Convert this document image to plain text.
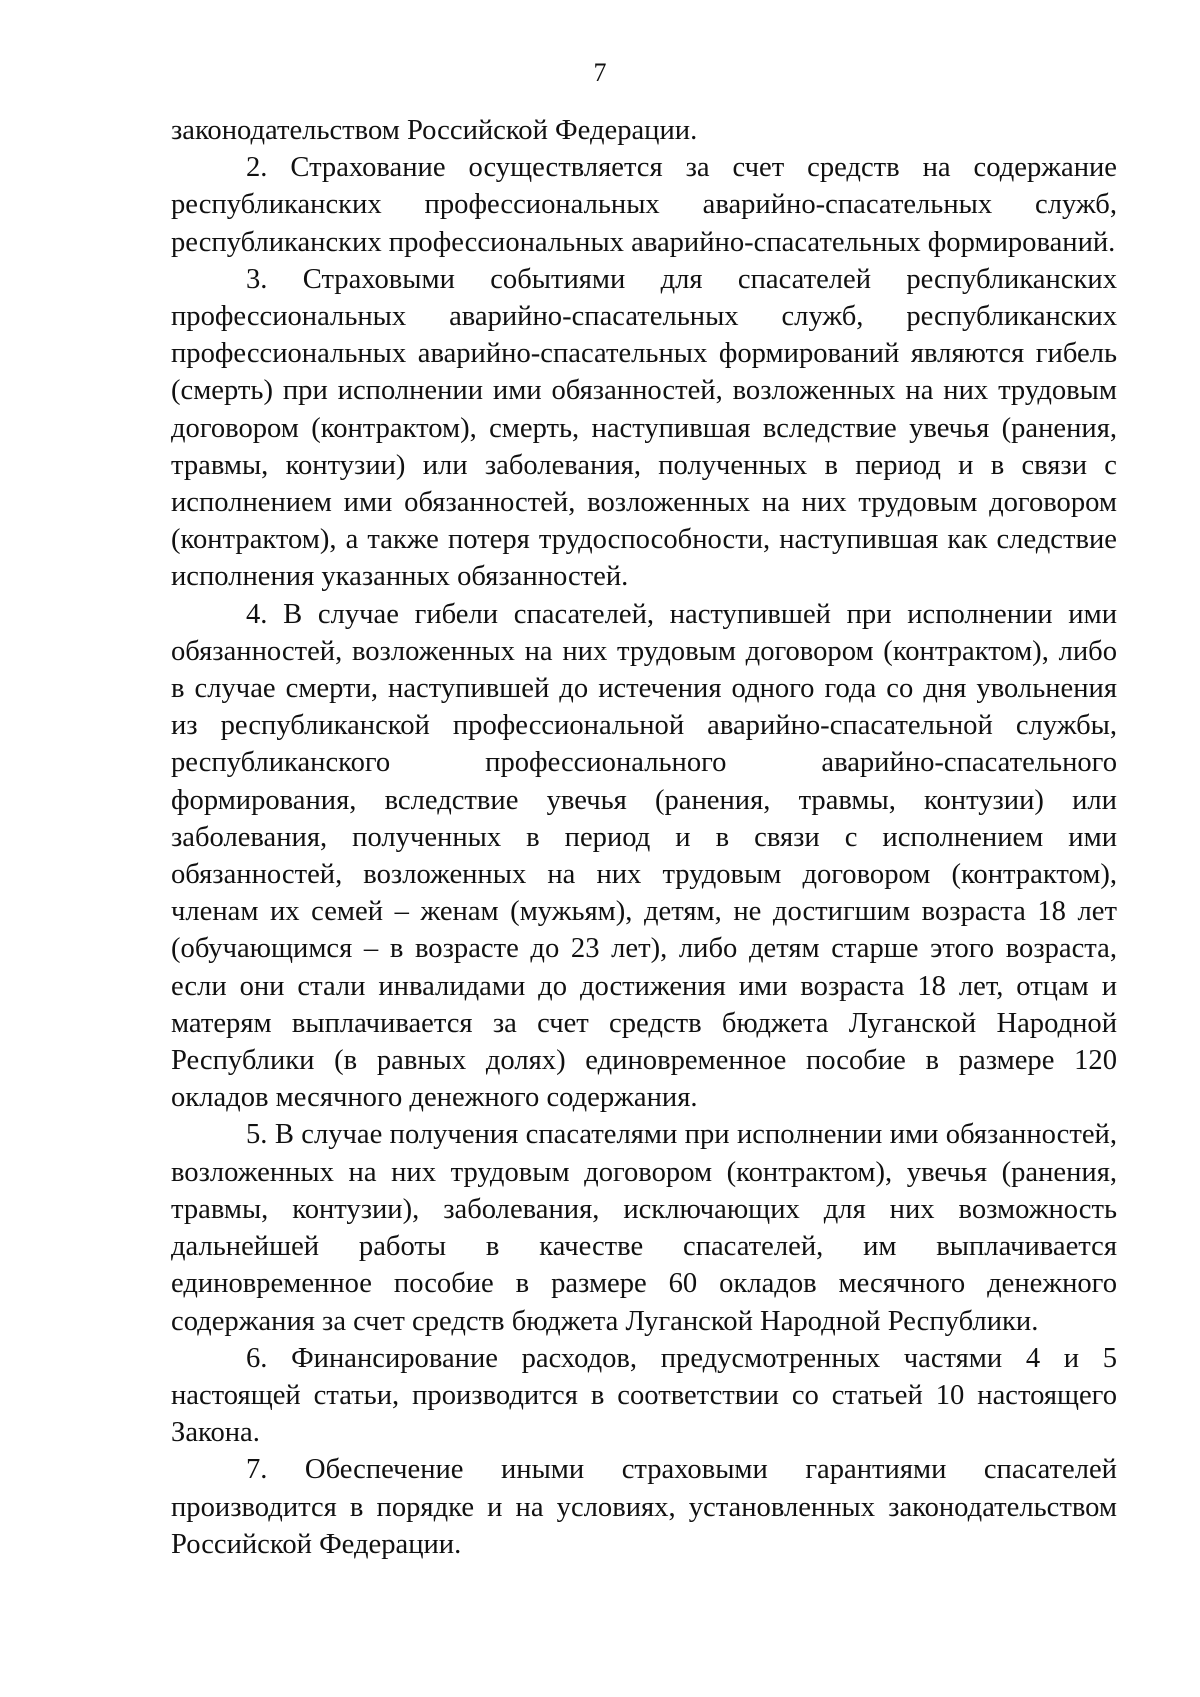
7

законодательством Российской Федерации.

2. Страхование осуществляется за счет средств на содержание республиканских профессиональных аварийно-спасательных служб, республиканских профессиональных аварийно-спасательных формирований.

3. Страховыми событиями для спасателей республиканских профессиональных аварийно-спасательных служб, республиканских профессиональных аварийно-спасательных формирований являются гибель (смерть) при исполнении ими обязанностей, возложенных на них трудовым договором (контрактом), смерть, наступившая вследствие увечья (ранения, травмы, контузии) или заболевания, полученных в период и в связи с исполнением ими обязанностей, возложенных на них трудовым договором (контрактом), а также потеря трудоспособности, наступившая как следствие исполнения указанных обязанностей.

4. В случае гибели спасателей, наступившей при исполнении ими обязанностей, возложенных на них трудовым договором (контрактом), либо в случае смерти, наступившей до истечения одного года со дня увольнения из республиканской профессиональной аварийно-спасательной службы, республиканского профессионального аварийно-спасательного формирования, вследствие увечья (ранения, травмы, контузии) или заболевания, полученных в период и в связи с исполнением ими обязанностей, возложенных на них трудовым договором (контрактом), членам их семей – женам (мужьям), детям, не достигшим возраста 18 лет (обучающимся – в возрасте до 23 лет), либо детям старше этого возраста, если они стали инвалидами до достижения ими возраста 18 лет, отцам и матерям выплачивается за счет средств бюджета Луганской Народной Республики (в равных долях) единовременное пособие в размере 120 окладов месячного денежного содержания.

5. В случае получения спасателями при исполнении ими обязанностей, возложенных на них трудовым договором (контрактом), увечья (ранения, травмы, контузии), заболевания, исключающих для них возможность дальнейшей работы в качестве спасателей, им выплачивается единовременное пособие в размере 60 окладов месячного денежного содержания за счет средств бюджета Луганской Народной Республики.

6. Финансирование расходов, предусмотренных частями 4 и 5 настоящей статьи, производится в соответствии со статьей 10 настоящего Закона.

7. Обеспечение иными страховыми гарантиями спасателей производится в порядке и на условиях, установленных законодательством Российской Федерации.
